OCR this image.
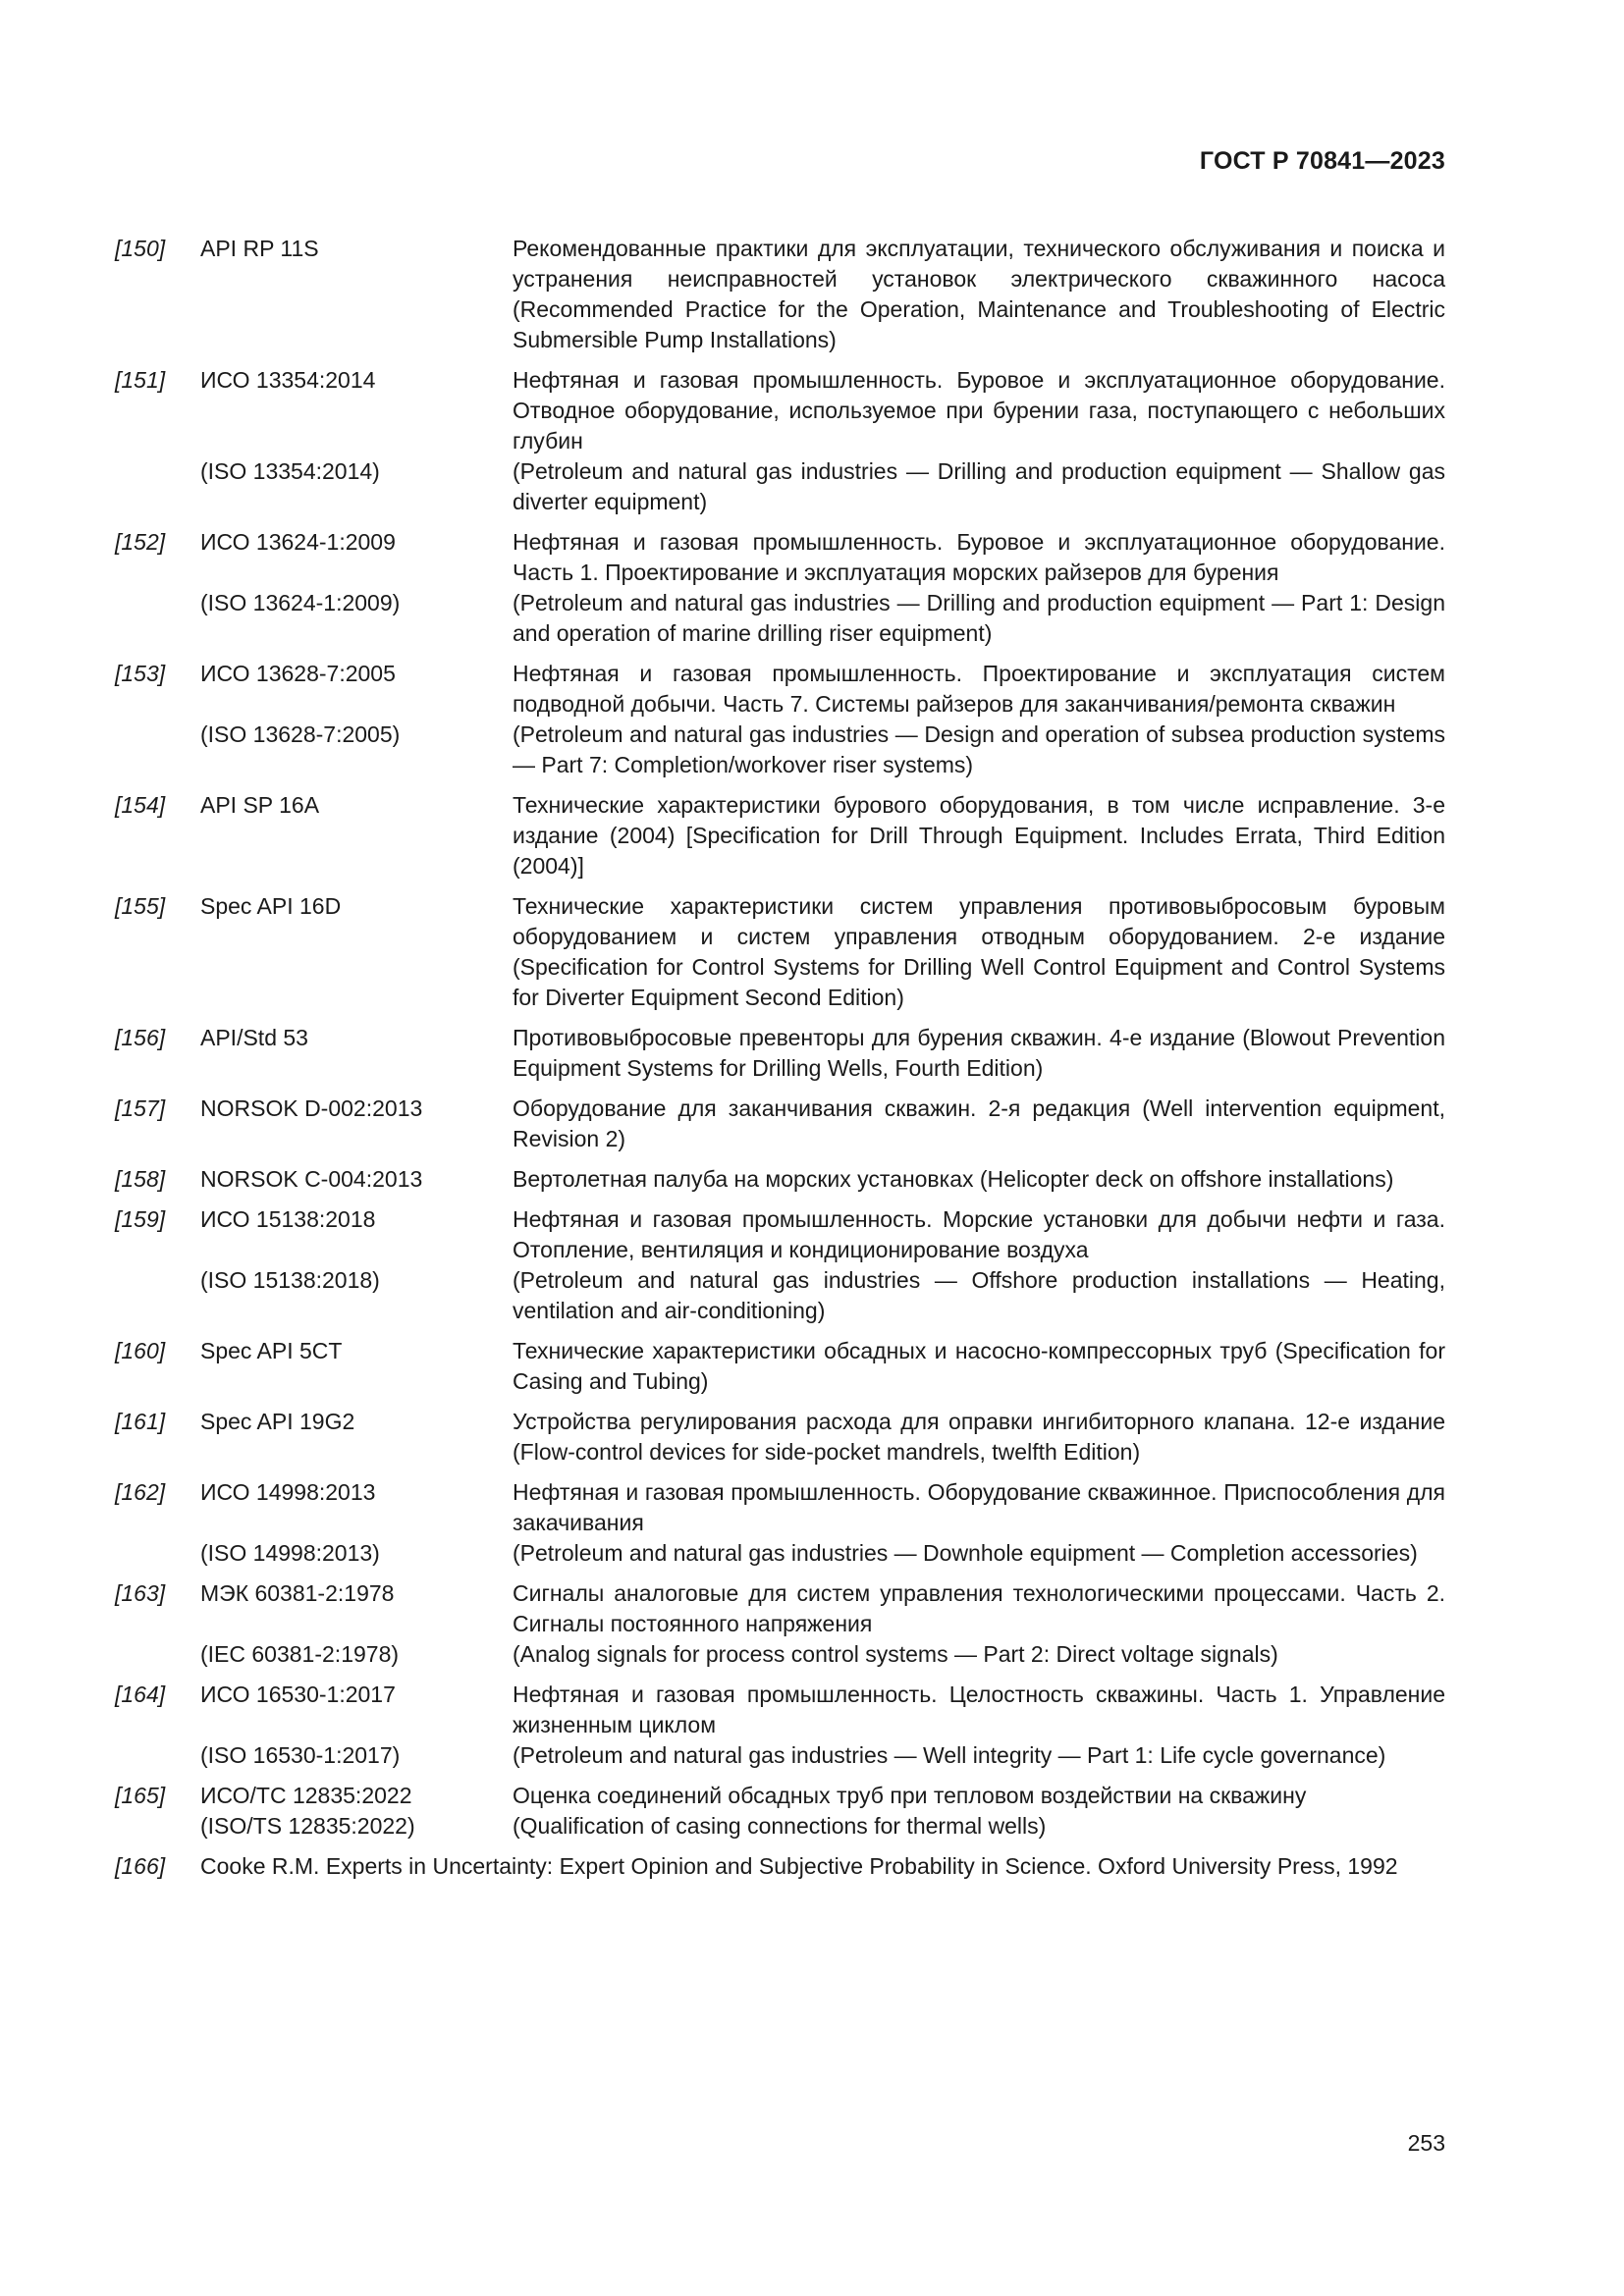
ГОСТ Р 70841—2023
[150]	API RP 11S	Рекомендованные практики для эксплуатации, технического обслуживания и поиска и устранения неисправностей установок электрического скважинного насоса (Recommended Practice for the Operation, Maintenance and Troubleshooting of Electric Submersible Pump Installations)
[151]	ИСО 13354:2014	Нефтяная и газовая промышленность. Буровое и эксплуатационное оборудование. Отводное оборудование, используемое при бурении газа, поступающего с небольших глубин
(ISO 13354:2014)	(Petroleum and natural gas industries — Drilling and production equipment — Shallow gas diverter equipment)
[152]	ИСО 13624-1:2009	Нефтяная и газовая промышленность. Буровое и эксплуатационное оборудование. Часть 1. Проектирование и эксплуатация морских райзеров для бурения
(ISO 13624-1:2009)	(Petroleum and natural gas industries — Drilling and production equipment — Part 1: Design and operation of marine drilling riser equipment)
[153]	ИСО 13628-7:2005	Нефтяная и газовая промышленность. Проектирование и эксплуатация систем подводной добычи. Часть 7. Системы райзеров для заканчивания/ремонта скважин
(ISO 13628-7:2005)	(Petroleum and natural gas industries — Design and operation of subsea production systems — Part 7: Completion/workover riser systems)
[154]	API SP 16A	Технические характеристики бурового оборудования, в том числе исправление. 3-е издание (2004) [Specification for Drill Through Equipment. Includes Errata, Third Edition (2004)]
[155]	Spec API 16D	Технические характеристики систем управления противовыбросовым буровым оборудованием и систем управления отводным оборудованием. 2-е издание (Specification for Control Systems for Drilling Well Control Equipment and Control Systems for Diverter Equipment Second Edition)
[156]	API/Std 53	Противовыбросовые превенторы для бурения скважин. 4-е издание (Blowout Prevention Equipment Systems for Drilling Wells, Fourth Edition)
[157]	NORSOK D-002:2013	Оборудование для заканчивания скважин. 2-я редакция (Well intervention equipment, Revision 2)
[158]	NORSOK C-004:2013	Вертолетная палуба на морских установках (Helicopter deck on offshore installations)
[159]	ИСО 15138:2018	Нефтяная и газовая промышленность. Морские установки для добычи нефти и газа. Отопление, вентиляция и кондиционирование воздуха
(ISO 15138:2018)	(Petroleum and natural gas industries — Offshore production installations — Heating, ventilation and air-conditioning)
[160]	Spec API 5CT	Технические характеристики обсадных и насосно-компрессорных труб (Specification for Casing and Tubing)
[161]	Spec API 19G2	Устройства регулирования расхода для оправки ингибиторного клапана. 12-е издание (Flow-control devices for side-pocket mandrels, twelfth Edition)
[162]	ИСО 14998:2013	Нефтяная и газовая промышленность. Оборудование скважинное. Приспособления для закачивания
(ISO 14998:2013)	(Petroleum and natural gas industries — Downhole equipment — Completion accessories)
[163]	МЭК 60381-2:1978	Сигналы аналоговые для систем управления технологическими процессами. Часть 2. Сигналы постоянного напряжения
(IEC 60381-2:1978)	(Analog signals for process control systems — Part 2: Direct voltage signals)
[164]	ИСО 16530-1:2017	Нефтяная и газовая промышленность. Целостность скважины. Часть 1. Управление жизненным циклом
(ISO 16530-1:2017)	(Petroleum and natural gas industries — Well integrity — Part 1: Life cycle governance)
[165]	ИСО/ТС 12835:2022	Оценка соединений обсадных труб при тепловом воздействии на скважину
(ISO/TS 12835:2022)	(Qualification of casing connections for thermal wells)
[166]	Cooke R.M. Experts in Uncertainty: Expert Opinion and Subjective Probability in Science. Oxford University Press, 1992
253
